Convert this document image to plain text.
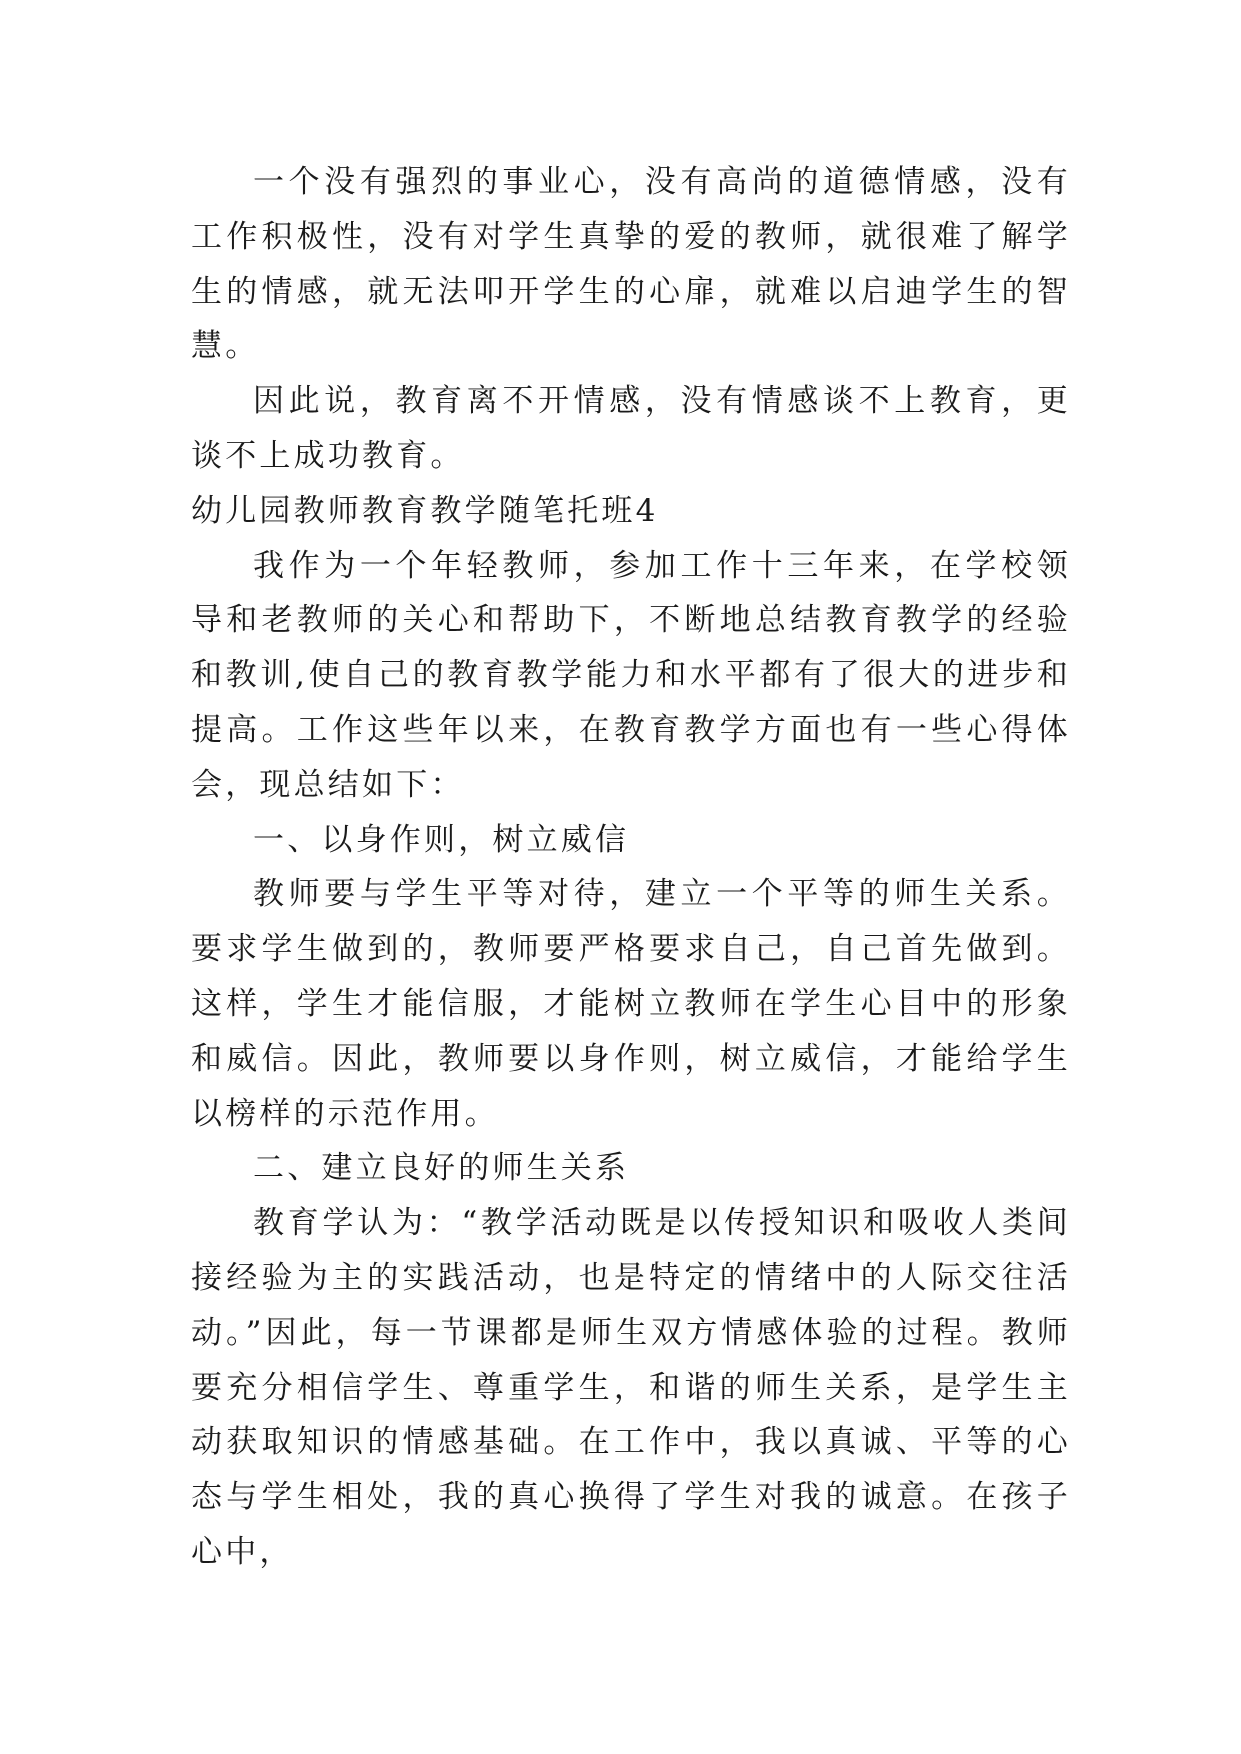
一个没有强烈的事业心，没有高尚的道德情感，没有工作积极性，没有对学生真挚的爱的教师，就很难了解学生的情感，就无法叩开学生的心扉，就难以启迪学生的智慧。

因此说，教育离不开情感，没有情感谈不上教育，更谈不上成功教育。

幼儿园教师教育教学随笔托班4

我作为一个年轻教师，参加工作十三年来，在学校领导和老教师的关心和帮助下，不断地总结教育教学的经验和教训,使自己的教育教学能力和水平都有了很大的进步和提高。工作这些年以来，在教育教学方面也有一些心得体会，现总结如下：

一、以身作则，树立威信

教师要与学生平等对待，建立一个平等的师生关系。要求学生做到的，教师要严格要求自己，自己首先做到。这样，学生才能信服，才能树立教师在学生心目中的形象和威信。因此，教师要以身作则，树立威信，才能给学生以榜样的示范作用。

二、建立良好的师生关系

教育学认为：“教学活动既是以传授知识和吸收人类间接经验为主的实践活动，也是特定的情绪中的人际交往活动。”因此，每一节课都是师生双方情感体验的过程。教师要充分相信学生、尊重学生，和谐的师生关系，是学生主动获取知识的情感基础。在工作中，我以真诚、平等的心态与学生相处，我的真心换得了学生对我的诚意。在孩子心中，
